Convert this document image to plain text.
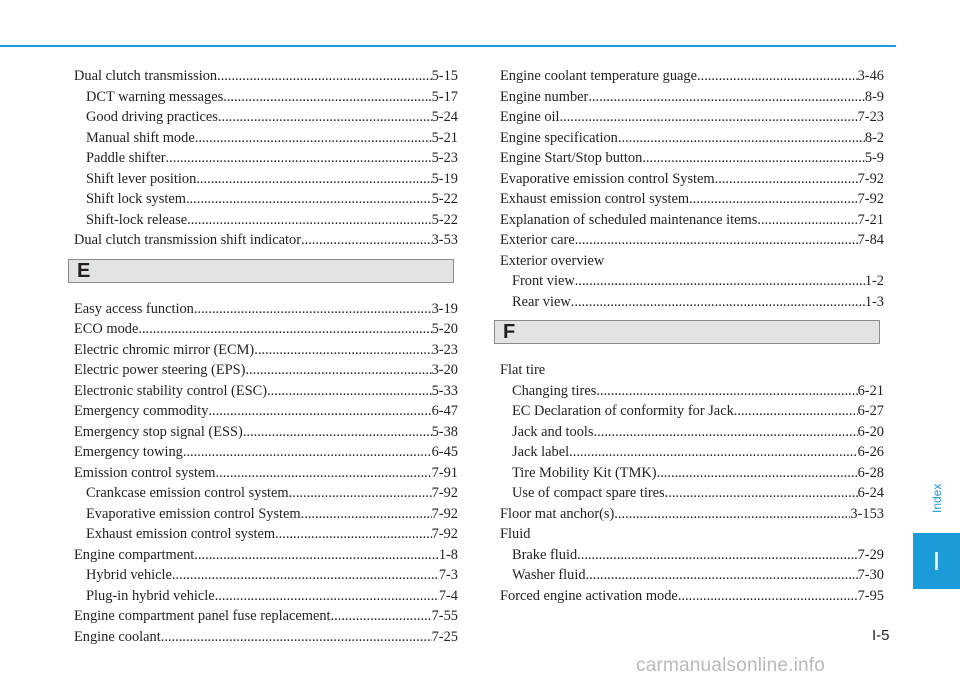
Dual clutch transmission .....	5-15
DCT warning messages .....	5-17
Good driving practices .....	5-24
Manual shift mode .....	5-21
Paddle shifter .....	5-23
Shift lever position .....	5-19
Shift lock system .....	5-22
Shift-lock release .....	5-22
Dual clutch transmission shift indicator .....	3-53
E
Easy access function .....	3-19
ECO mode .....	5-20
Electric chromic mirror (ECM) .....	3-23
Electric power steering (EPS) .....	3-20
Electronic stability control (ESC) .....	5-33
Emergency commodity .....	6-47
Emergency stop signal (ESS) .....	5-38
Emergency towing .....	6-45
Emission control system .....	7-91
Crankcase emission control system .....	7-92
Evaporative emission control System .....	7-92
Exhaust emission control system .....	7-92
Engine compartment .....	1-8
Hybrid vehicle .....	7-3
Plug-in hybrid vehicle .....	7-4
Engine compartment panel fuse replacement .....	7-55
Engine coolant .....	7-25
Engine coolant temperature guage .....	3-46
Engine number .....	8-9
Engine oil .....	7-23
Engine specification .....	8-2
Engine Start/Stop button .....	5-9
Evaporative emission control System .....	7-92
Exhaust emission control system .....	7-92
Explanation of scheduled maintenance items .....	7-21
Exterior care .....	7-84
Exterior overview
Front view .....	1-2
Rear view .....	1-3
F
Flat tire
Changing tires .....	6-21
EC Declaration of conformity for Jack .....	6-27
Jack and tools .....	6-20
Jack label .....	6-26
Tire Mobility Kit (TMK) .....	6-28
Use of compact spare tires .....	6-24
Floor mat anchor(s) .....	3-153
Fluid
Brake fluid .....	7-29
Washer fluid .....	7-30
Forced engine activation mode .....	7-95
Index
I
I-5
carmanualsonline.info
